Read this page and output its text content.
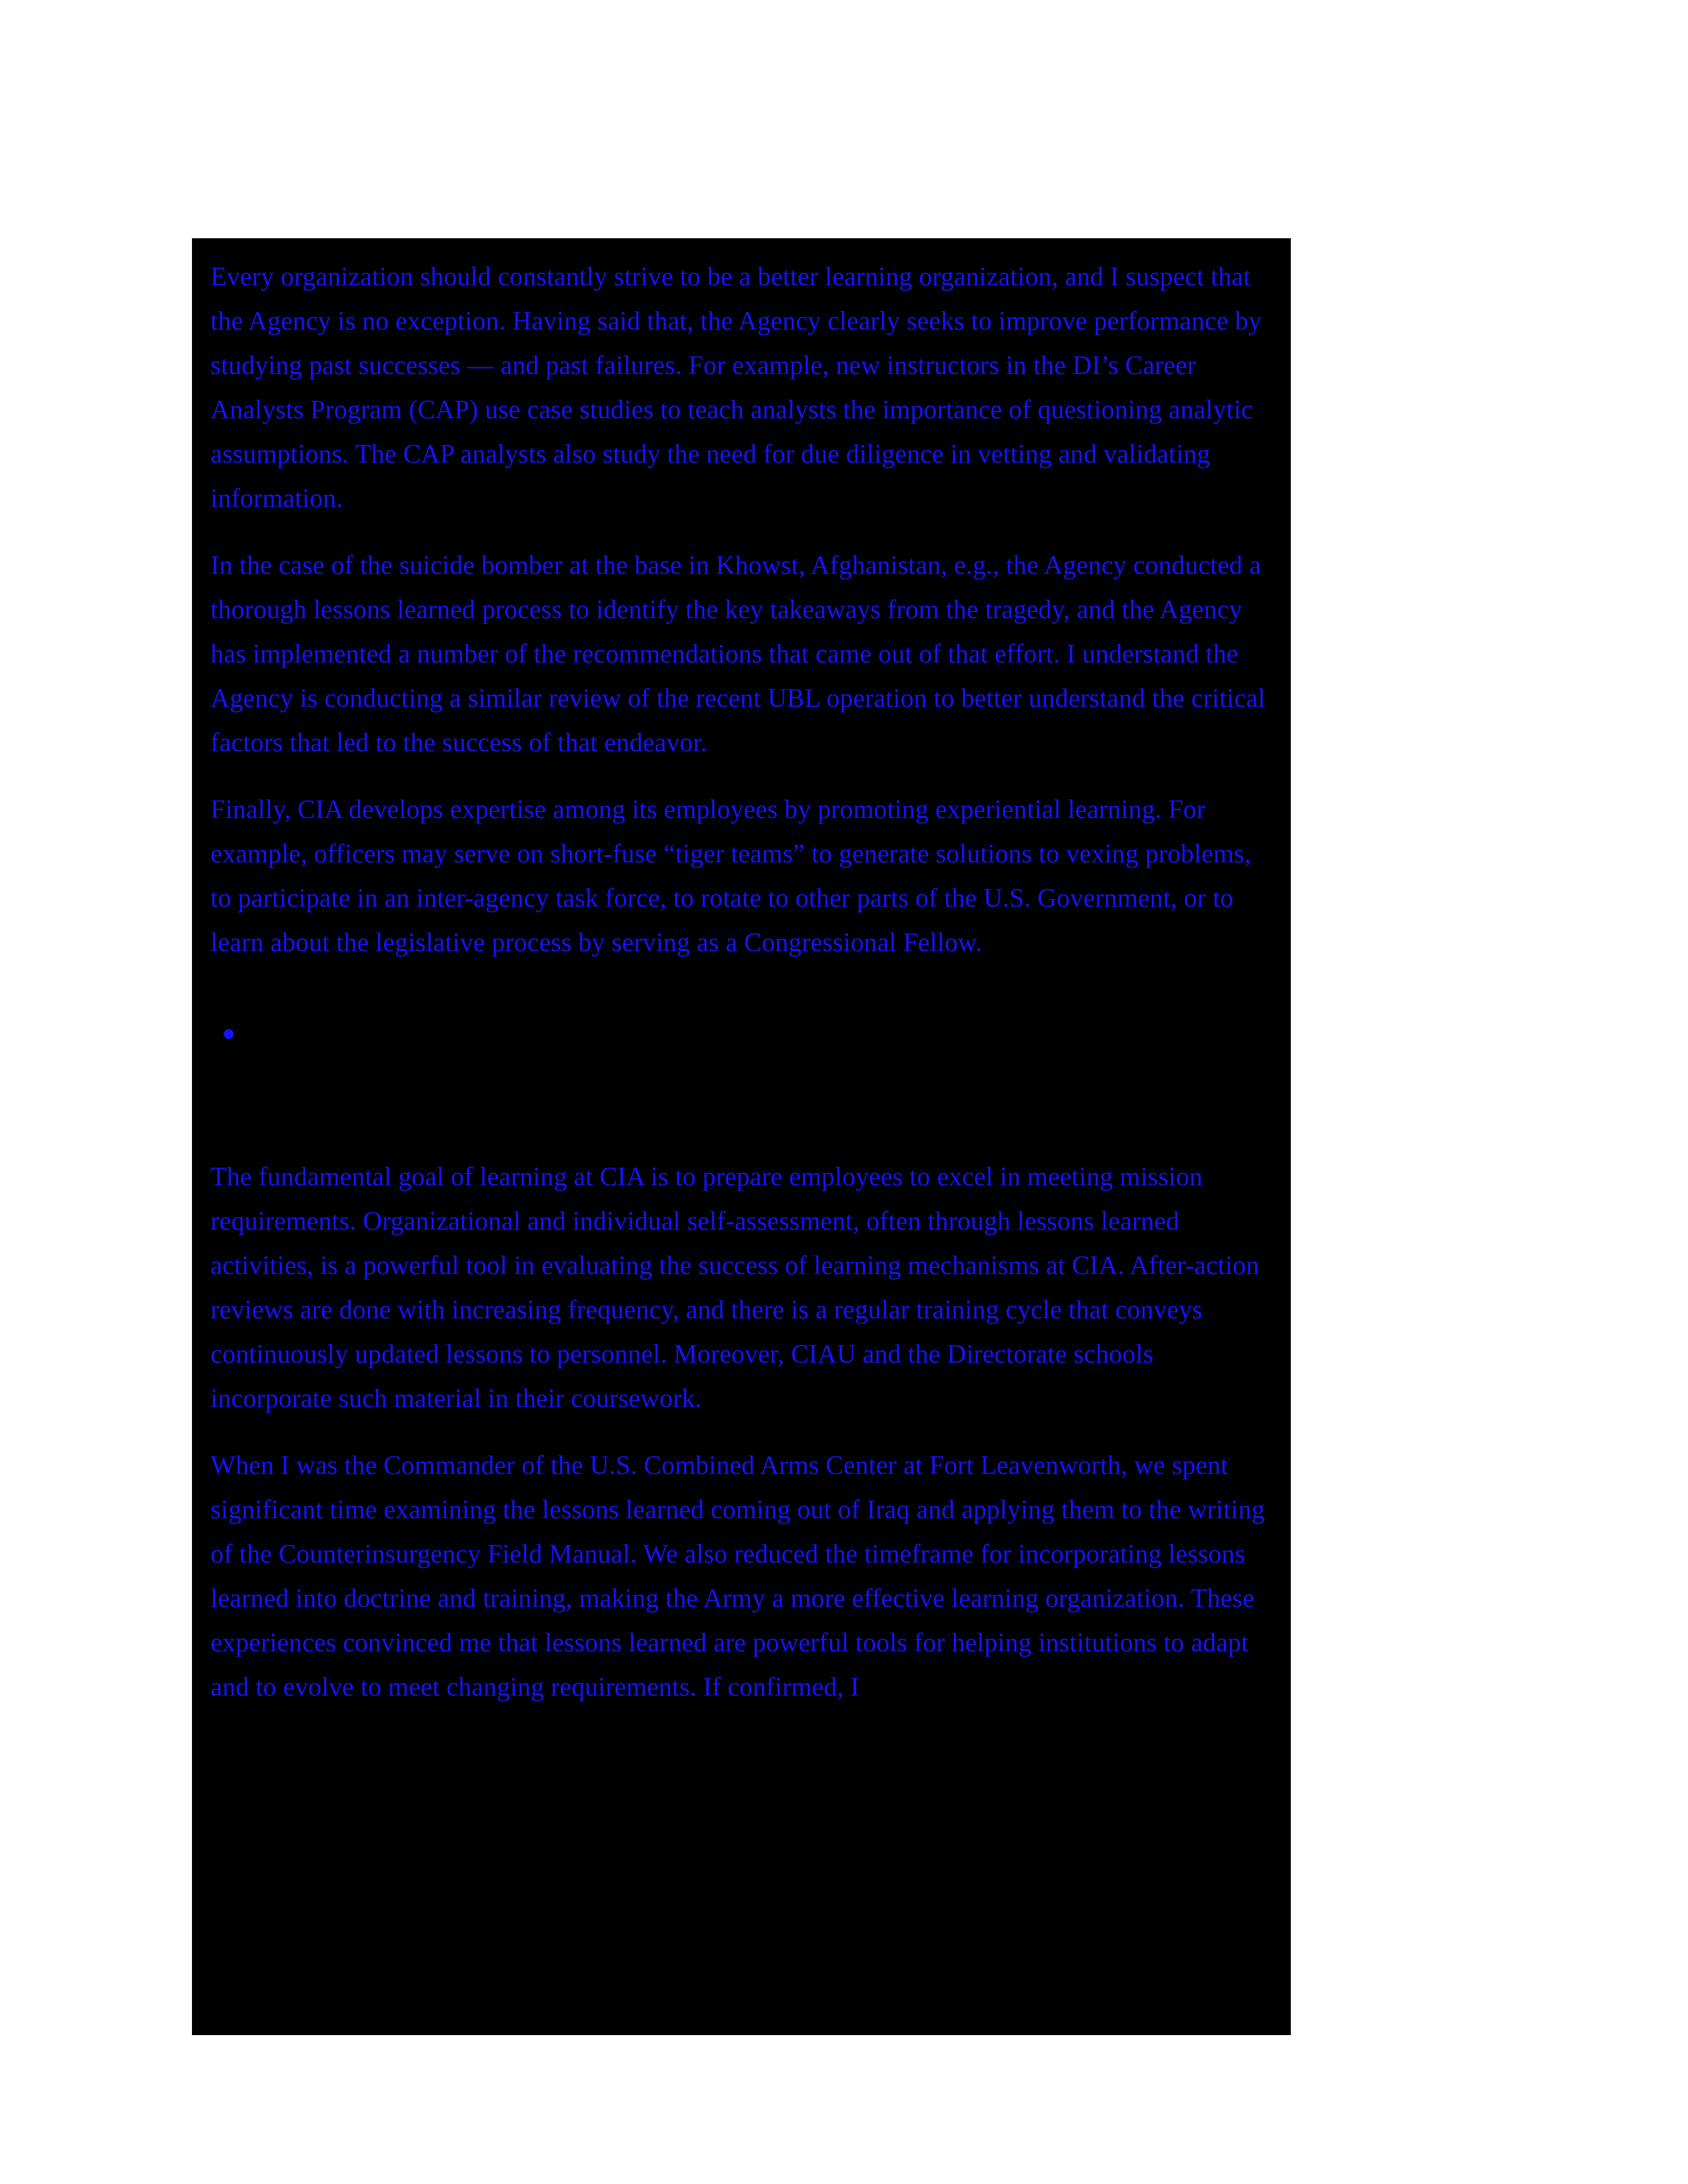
Every organization should constantly strive to be a better learning organization, and I suspect that the Agency is no exception. Having said that, the Agency clearly seeks to improve performance by studying past successes — and past failures. For example, new instructors in the DI’s Career Analysts Program (CAP) use case studies to teach analysts the importance of questioning analytic assumptions. The CAP analysts also study the need for due diligence in vetting and validating information.

In the case of the suicide bomber at the base in Khowst, Afghanistan, e.g., the Agency conducted a thorough lessons learned process to identify the key takeaways from the tragedy, and the Agency has implemented a number of the recommendations that came out of that effort. I understand the Agency is conducting a similar review of the recent UBL operation to better understand the critical factors that led to the success of that endeavor.

Finally, CIA develops expertise among its employees by promoting experiential learning. For example, officers may serve on short-fuse “tiger teams” to generate solutions to vexing problems, to participate in an inter-agency task force, to rotate to other parts of the U.S. Government, or to learn about the legislative process by serving as a Congressional Fellow.

The fundamental goal of learning at CIA is to prepare employees to excel in meeting mission requirements. Organizational and individual self-assessment, often through lessons learned activities, is a powerful tool in evaluating the success of learning mechanisms at CIA. After-action reviews are done with increasing frequency, and there is a regular training cycle that conveys continuously updated lessons to personnel. Moreover, CIAU and the Directorate schools incorporate such material in their coursework.

When I was the Commander of the U.S. Combined Arms Center at Fort Leavenworth, we spent significant time examining the lessons learned coming out of Iraq and applying them to the writing of the Counterinsurgency Field Manual. We also reduced the timeframe for incorporating lessons learned into doctrine and training, making the Army a more effective learning organization. These experiences convinced me that lessons learned are powerful tools for helping institutions to adapt and to evolve to meet changing requirements. If confirmed, I
